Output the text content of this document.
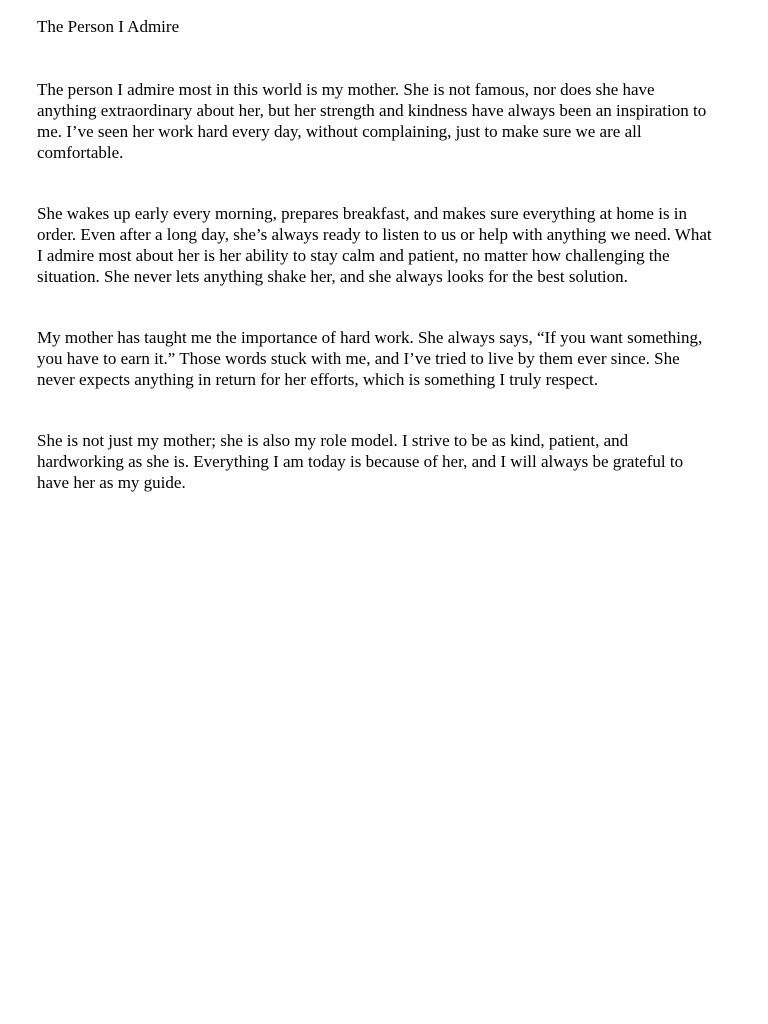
The Person I Admire

The person I admire most in this world is my mother. She is not famous, nor does she have anything extraordinary about her, but her strength and kindness have always been an inspiration to me. I’ve seen her work hard every day, without complaining, just to make sure we are all comfortable.

She wakes up early every morning, prepares breakfast, and makes sure everything at home is in order. Even after a long day, she’s always ready to listen to us or help with anything we need. What I admire most about her is her ability to stay calm and patient, no matter how challenging the situation. She never lets anything shake her, and she always looks for the best solution.

My mother has taught me the importance of hard work. She always says, “If you want something, you have to earn it.” Those words stuck with me, and I’ve tried to live by them ever since. She never expects anything in return for her efforts, which is something I truly respect.

She is not just my mother; she is also my role model. I strive to be as kind, patient, and hardworking as she is. Everything I am today is because of her, and I will always be grateful to have her as my guide.
